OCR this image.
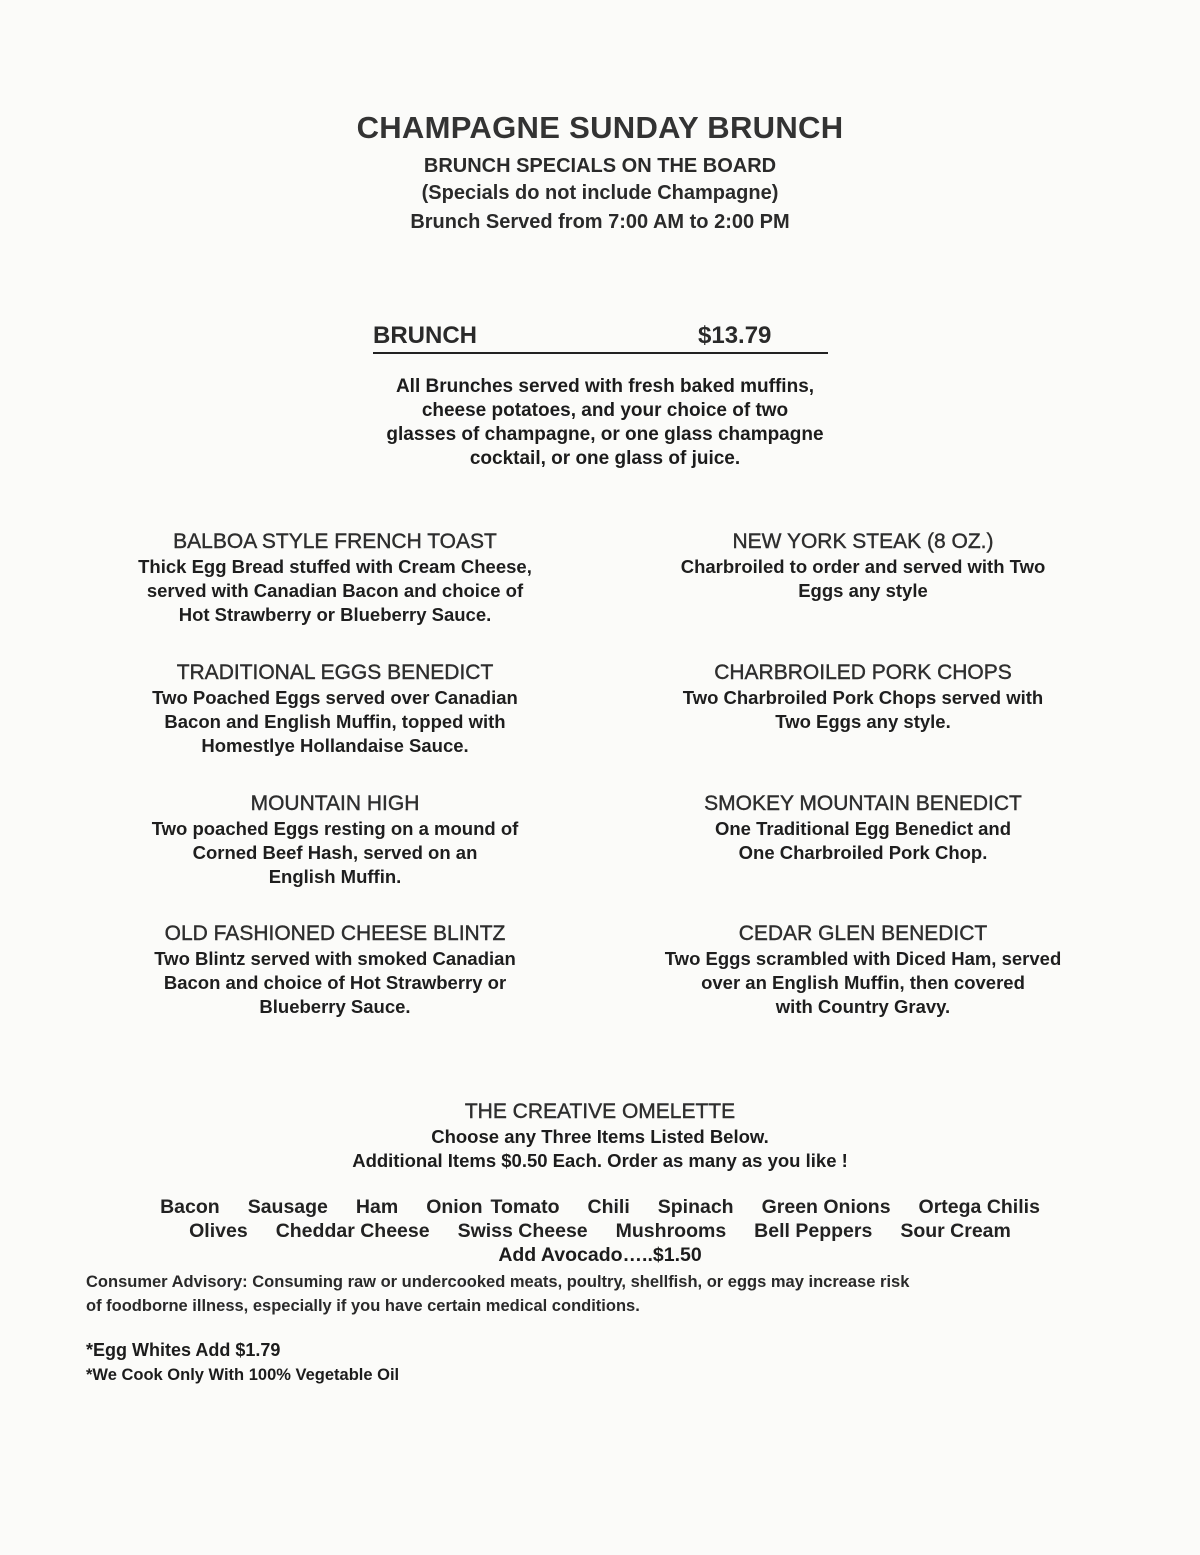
CHAMPAGNE SUNDAY BRUNCH
BRUNCH SPECIALS ON THE BOARD
(Specials do not include Champagne)
Brunch Served from 7:00 AM to 2:00 PM
BRUNCH	$13.79
All Brunches served with fresh baked muffins,
cheese potatoes, and your choice of two
glasses of champagne, or one glass champagne
cocktail, or one glass of juice.
BALBOA STYLE FRENCH TOAST
Thick Egg Bread stuffed with Cream Cheese,
served with Canadian Bacon and choice of
Hot Strawberry or Blueberry Sauce.
NEW YORK STEAK (8 OZ.)
Charbroiled to order and served with Two
Eggs any style
TRADITIONAL EGGS BENEDICT
Two Poached Eggs served over Canadian
Bacon and English Muffin, topped with
Homestlye Hollandaise Sauce.
CHARBROILED PORK CHOPS
Two Charbroiled Pork Chops served with
Two Eggs any style.
MOUNTAIN HIGH
Two poached Eggs resting on a mound of
Corned Beef Hash, served on an
English Muffin.
SMOKEY MOUNTAIN BENEDICT
One Traditional Egg Benedict and
One Charbroiled Pork Chop.
OLD FASHIONED CHEESE BLINTZ
Two Blintz served with smoked Canadian
Bacon and choice of Hot Strawberry or
Blueberry Sauce.
CEDAR GLEN BENEDICT
Two Eggs scrambled with Diced Ham, served
over an English Muffin, then covered
with Country Gravy.
THE CREATIVE OMELETTE
Choose any Three Items Listed Below.
Additional Items $0.50 Each. Order as many as you like !
Bacon Sausage Ham Onion Tomato Chili Spinach Green Onions Ortega Chilis
Olives Cheddar Cheese Swiss Cheese Mushrooms Bell Peppers Sour Cream
Add Avocado…..$1.50
Consumer Advisory: Consuming raw or undercooked meats, poultry, shellfish, or eggs may increase risk
of foodborne illness, especially if you have certain medical conditions.
*Egg Whites Add $1.79
*We Cook Only With 100% Vegetable Oil
